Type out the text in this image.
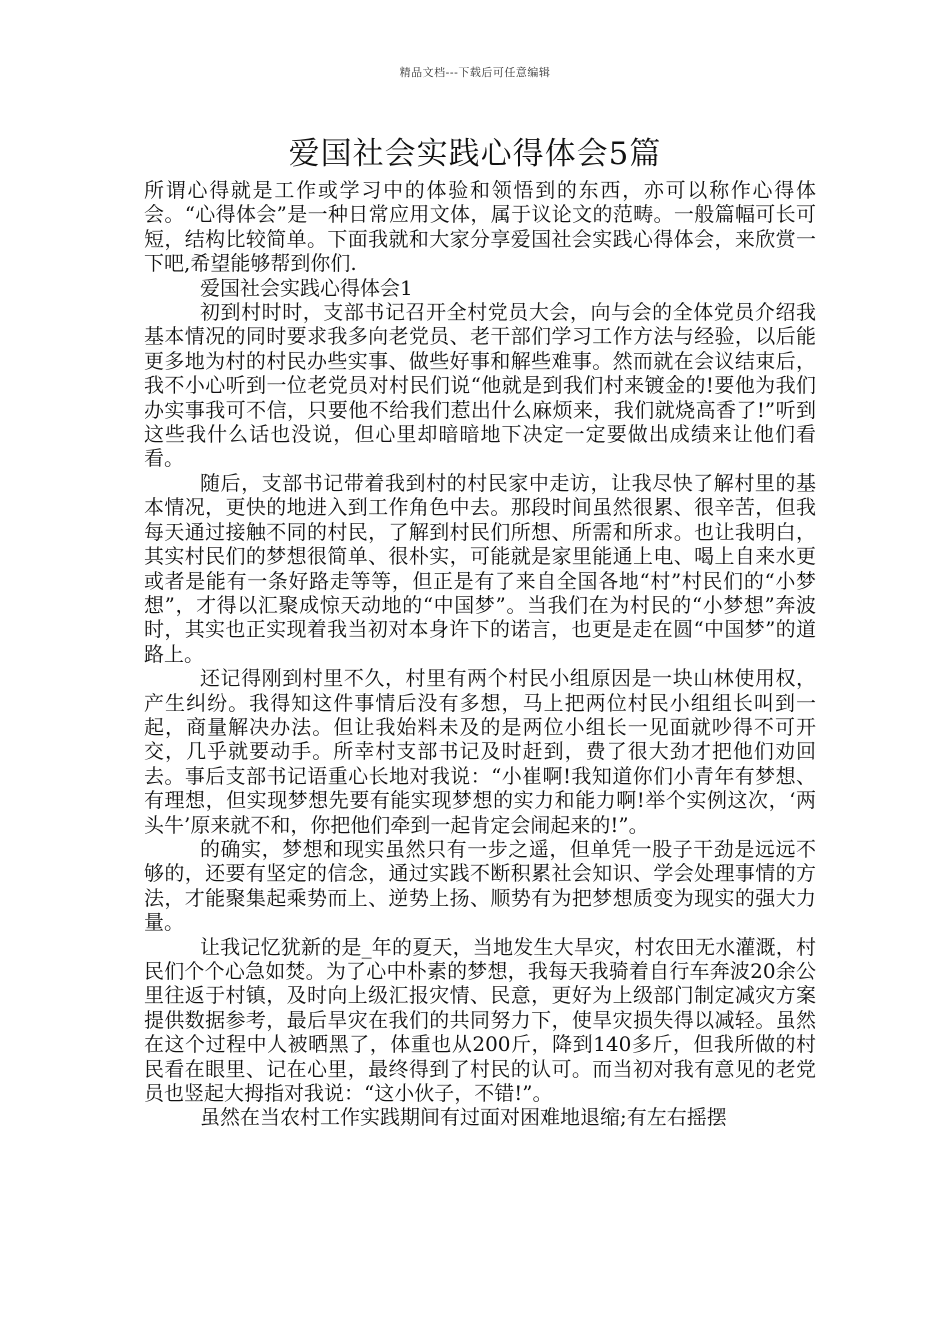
精品文档---下载后可任意编辑
爱国社会实践心得体会5篇

所谓心得就是工作或学习中的体验和领悟到的东西，亦可以称作心得体会。“心得体会”是一种日常应用文体，属于议论文的范畴。一般篇幅可长可短，结构比较简单。下面我就和大家分享爱国社会实践心得体会，来欣赏一下吧,希望能够帮到你们.

爱国社会实践心得体会1

初到村时时，支部书记召开全村党员大会，向与会的全体党员介绍我基本情况的同时要求我多向老党员、老干部们学习工作方法与经验，以后能更多地为村的村民办些实事、做些好事和解些难事。然而就在会议结束后，我不小心听到一位老党员对村民们说“他就是到我们村来镀金的!要他为我们办实事我可不信，只要他不给我们惹出什么麻烦来，我们就烧高香了!”听到这些我什么话也没说，但心里却暗暗地下决定一定要做出成绩来让他们看看。

随后，支部书记带着我到村的村民家中走访，让我尽快了解村里的基本情况，更快的地进入到工作角色中去。那段时间虽然很累、很辛苦，但我每天通过接触不同的村民，了解到村民们所想、所需和所求。也让我明白，其实村民们的梦想很简单、很朴实，可能就是家里能通上电、喝上自来水更或者是能有一条好路走等等，但正是有了来自全国各地“村”村民们的“小梦想”，才得以汇聚成惊天动地的“中国梦”。当我们在为村民的“小梦想”奔波时，其实也正实现着我当初对本身许下的诺言，也更是走在圆“中国梦”的道路上。

还记得刚到村里不久，村里有两个村民小组原因是一块山林使用权，产生纠纷。我得知这件事情后没有多想，马上把两位村民小组组长叫到一起，商量解决办法。但让我始料未及的是两位小组长一见面就吵得不可开交，几乎就要动手。所幸村支部书记及时赶到，费了很大劲才把他们劝回去。事后支部书记语重心长地对我说：“小崔啊!我知道你们小青年有梦想、有理想，但实现梦想先要有能实现梦想的实力和能力啊!举个实例这次，‘两头牛’原来就不和，你把他们牵到一起肯定会闹起来的!”。

的确实，梦想和现实虽然只有一步之遥，但单凭一股子干劲是远远不够的，还要有坚定的信念，通过实践不断积累社会知识、学会处理事情的方法，才能聚集起乘势而上、逆势上扬、顺势有为把梦想质变为现实的强大力量。

让我记忆犹新的是_年的夏天，当地发生大旱灾，村农田无水灌溉，村民们个个心急如焚。为了心中朴素的梦想，我每天我骑着自行车奔波20余公里往返于村镇，及时向上级汇报灾情、民意，更好为上级部门制定减灾方案提供数据参考，最后旱灾在我们的共同努力下，使旱灾损失得以减轻。虽然在这个过程中人被晒黑了，体重也从200斤，降到140多斤，但我所做的村民看在眼里、记在心里，最终得到了村民的认可。而当初对我有意见的老党员也竖起大拇指对我说：“这小伙子，不错!”。

虽然在当农村工作实践期间有过面对困难地退缩;有左右摇摆
